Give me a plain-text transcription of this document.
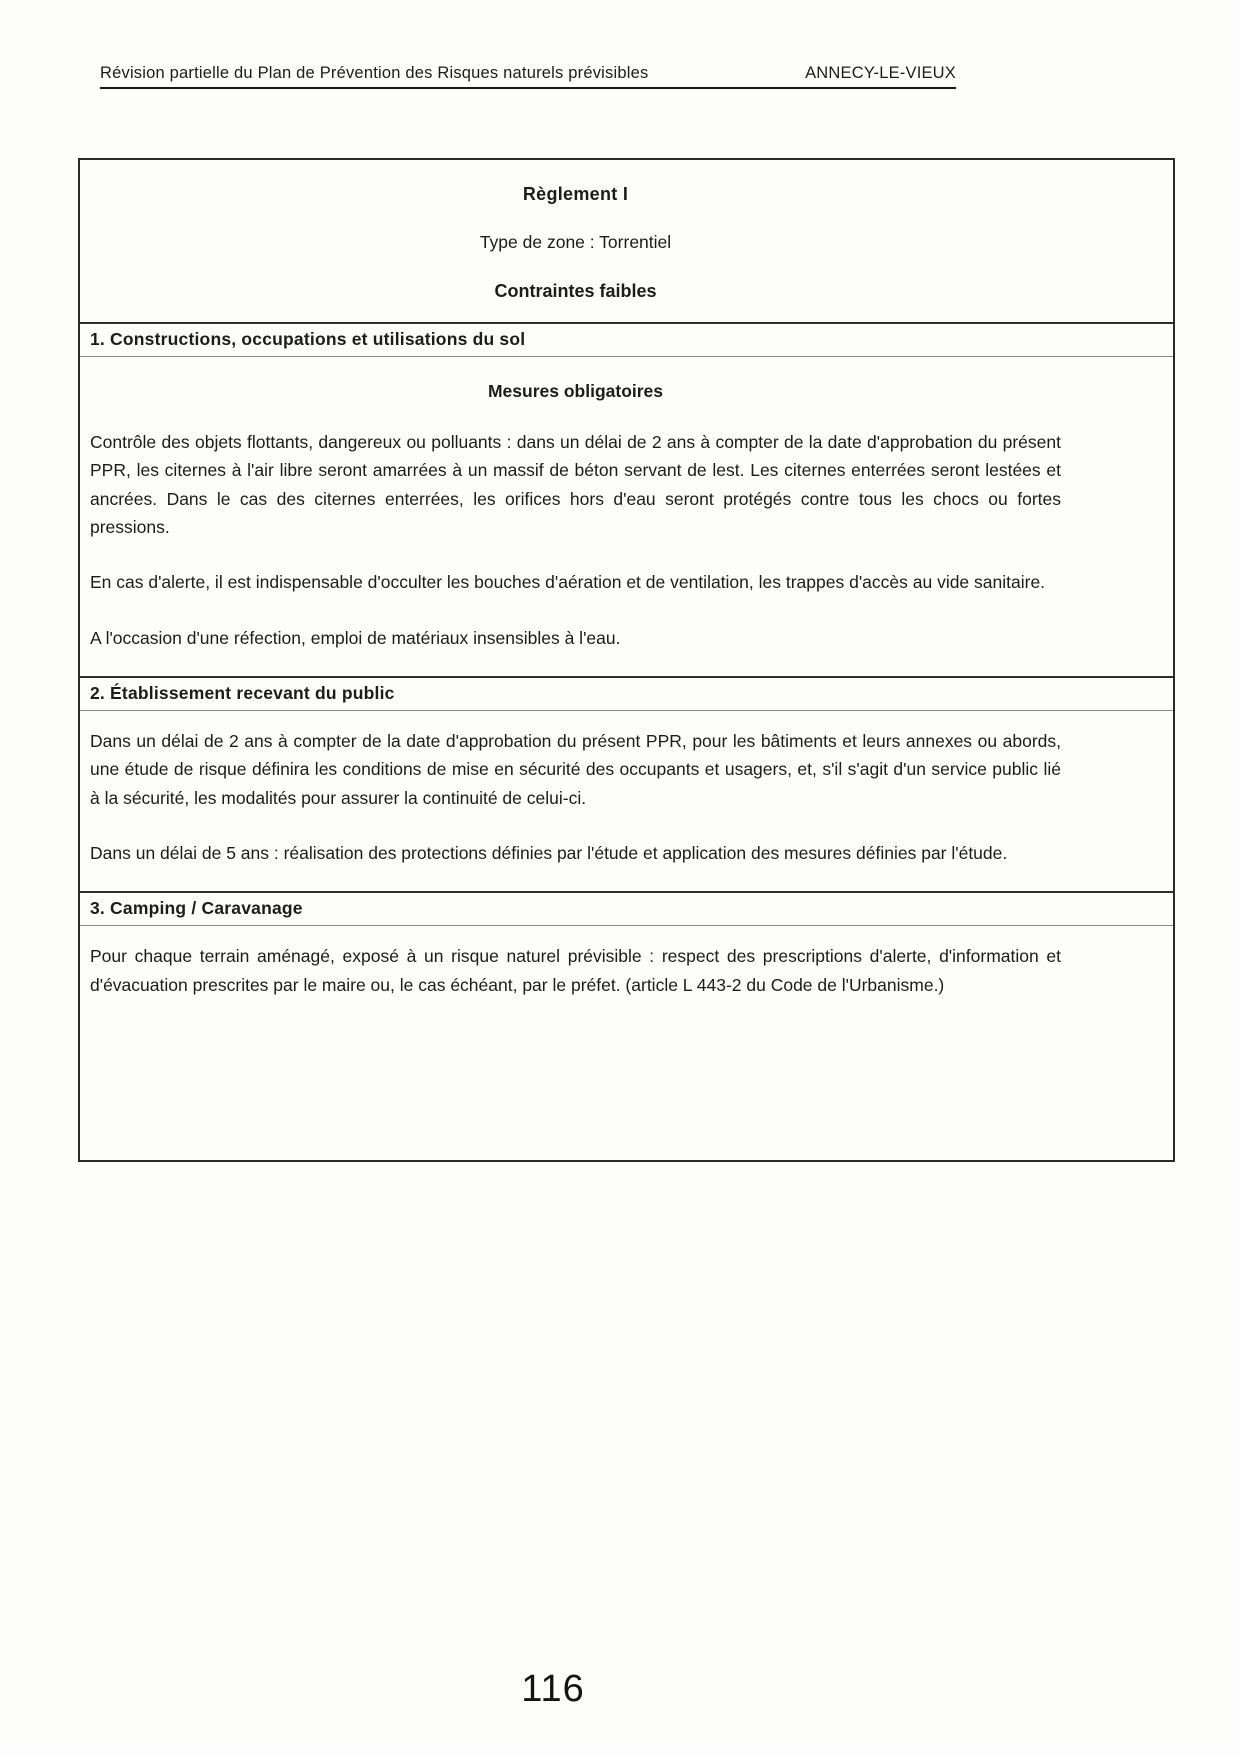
Révision partielle du Plan de Prévention des Risques naturels prévisibles	ANNECY-LE-VIEUX
Règlement I
Type de zone : Torrentiel
Contraintes faibles
1. Constructions, occupations et utilisations du sol
Mesures obligatoires

Contrôle des objets flottants, dangereux ou polluants : dans un délai de 2 ans à compter de la date d'approbation du présent PPR, les citernes à l'air libre seront amarrées à un massif de béton servant de lest. Les citernes enterrées seront lestées et ancrées. Dans le cas des citernes enterrées, les orifices hors d'eau seront protégés contre tous les chocs ou fortes pressions.

En cas d'alerte, il est indispensable d'occulter les bouches d'aération et de ventilation, les trappes d'accès au vide sanitaire.

A l'occasion d'une réfection, emploi de matériaux insensibles à l'eau.

2. Établissement recevant du public

Dans un délai de 2 ans à compter de la date d'approbation du présent PPR, pour les bâtiments et leurs annexes ou abords, une étude de risque définira les conditions de mise en sécurité des occupants et usagers, et, s'il s'agit d'un service public lié à la sécurité, les modalités pour assurer la continuité de celui-ci.

Dans un délai de 5 ans : réalisation des protections définies par l'étude et application des mesures définies par l'étude.

3. Camping / Caravanage

Pour chaque terrain aménagé, exposé à un risque naturel prévisible : respect des prescriptions d'alerte, d'information et d'évacuation prescrites par le maire ou, le cas échéant, par le préfet. (article L 443-2 du Code de l'Urbanisme.)

116
